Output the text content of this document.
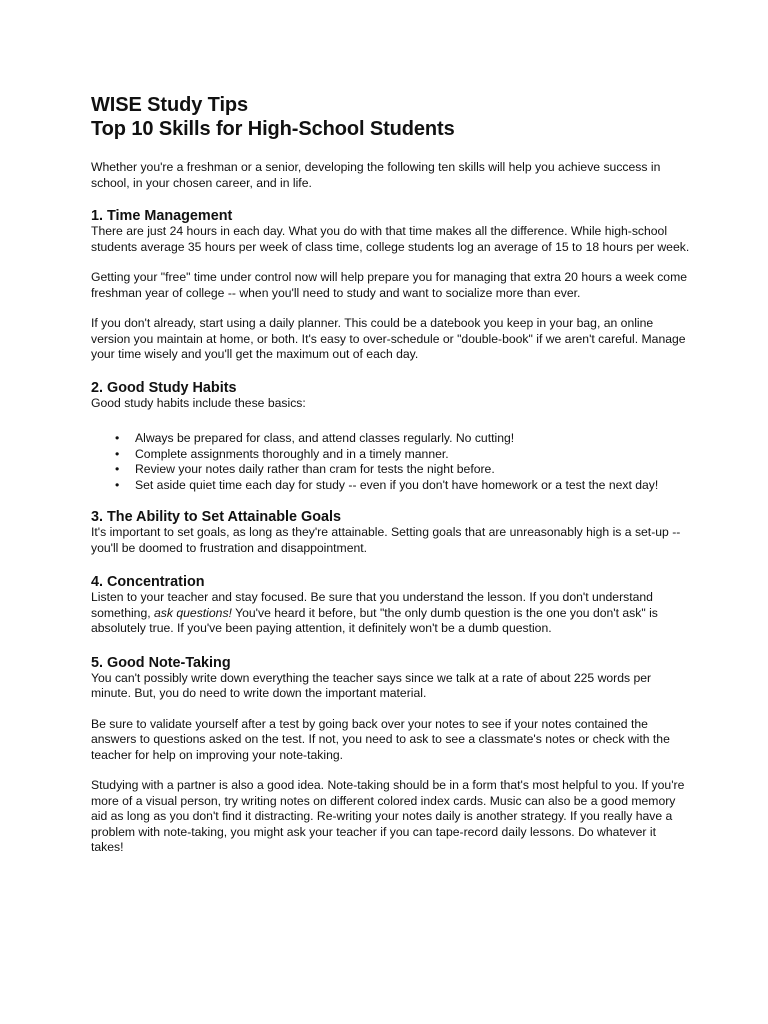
WISE Study Tips
Top 10 Skills for High-School Students

Whether you're a freshman or a senior, developing the following ten skills will help you achieve success in school, in your chosen career, and in life.

1. Time Management

There are just 24 hours in each day. What you do with that time makes all the difference. While high-school students average 35 hours per week of class time, college students log an average of 15 to 18 hours per week.

Getting your "free" time under control now will help prepare you for managing that extra 20 hours a week come freshman year of college -- when you'll need to study and want to socialize more than ever.

If you don't already, start using a daily planner. This could be a datebook you keep in your bag, an online version you maintain at home, or both. It's easy to over-schedule or "double-book" if we aren't careful. Manage your time wisely and you'll get the maximum out of each day.

2. Good Study Habits

Good study habits include these basics:

• Always be prepared for class, and attend classes regularly. No cutting!
• Complete assignments thoroughly and in a timely manner.
• Review your notes daily rather than cram for tests the night before.
• Set aside quiet time each day for study -- even if you don't have homework or a test the next day!
3. The Ability to Set Attainable Goals

It's important to set goals, as long as they're attainable. Setting goals that are unreasonably high is a set-up -- you'll be doomed to frustration and disappointment.

4. Concentration

Listen to your teacher and stay focused. Be sure that you understand the lesson. If you don't understand something, ask questions! You've heard it before, but "the only dumb question is the one you don't ask" is absolutely true. If you've been paying attention, it definitely won't be a dumb question.

5. Good Note-Taking

You can't possibly write down everything the teacher says since we talk at a rate of about 225 words per minute. But, you do need to write down the important material.

Be sure to validate yourself after a test by going back over your notes to see if your notes contained the answers to questions asked on the test. If not, you need to ask to see a classmate's notes or check with the teacher for help on improving your note-taking.

Studying with a partner is also a good idea. Note-taking should be in a form that's most helpful to you. If you're more of a visual person, try writing notes on different colored index cards. Music can also be a good memory aid as long as you don't find it distracting. Re-writing your notes daily is another strategy. If you really have a problem with note-taking, you might ask your teacher if you can tape-record daily lessons. Do whatever it takes!
